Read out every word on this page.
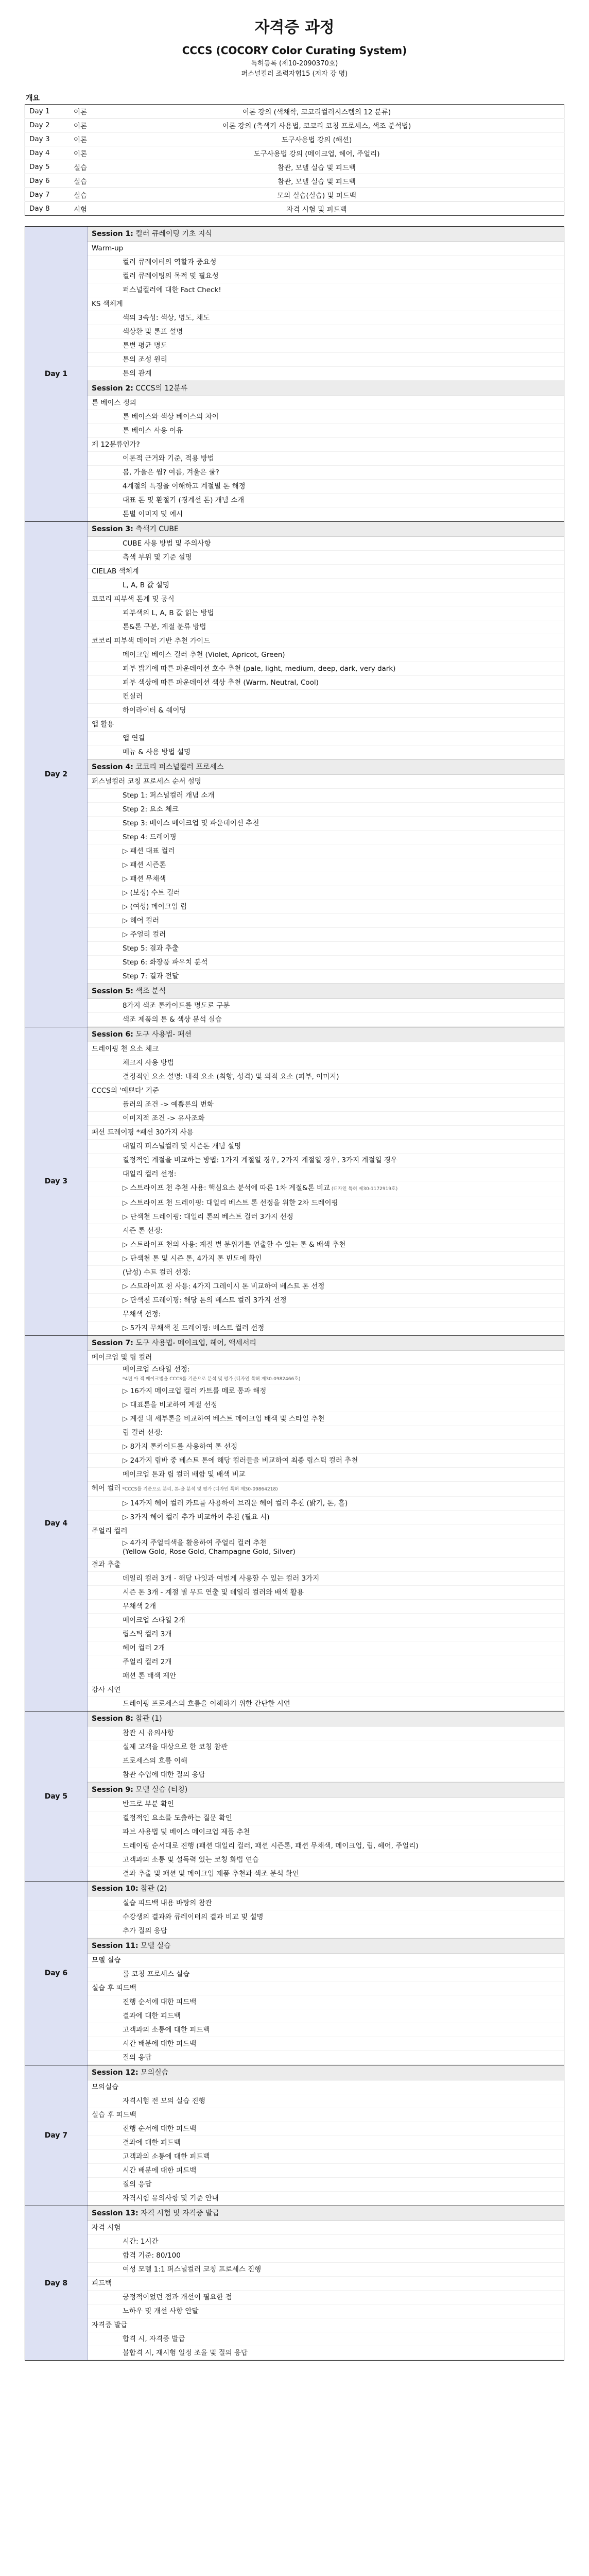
자격증 과정
CCCS (COCORY Color Curating System)
특허등록 (제10-2090370호)
퍼스널컬러 조력자협15 (저자 강 명)
개요
Day 1	이론	이론 강의 (색채학, 코코리컬러시스템의 12 분류)	
Day 2	이론	이론 강의 (측색기 사용법, 코코리 코칭 프로세스, 색조 분석법)	
Day 3	이론	도구사용법 강의 (해션)	
Day 4	이론	도구사용법 강의 (메이크업, 헤어, 주얼리)	
Day 5	실습	참관, 모델 실습 및 피드백	
Day 6	실습	참관, 모델 실습 및 피드백	
Day 7	실습	모의 실습(실습) 및 피드백	
Day 8	시험	자격 시험 및 피드백	
Day 1
Session 1: 컬러 큐레이팅 기초 지식
Warm-up
컬러 큐레이터의 역할과 중요성
컬러 큐레이팅의 목적 및 필요성
퍼스널컬러에 대한 Fact Check!
KS 색체계
색의 3속성: 색상, 명도, 채도
색상환 및 톤표 설명
톤별 평균 명도
톤의 조성 원리
톤의 관계
Session 2: CCCS의 12분류
톤 베이스 정의
톤 베이스와 색상 베이스의 차이
톤 베이스 사용 이유
제 12분류인가?
이론적 근거와 기준, 적용 방법
봄, 가을은 웜? 여름, 겨울은 쿨?
4계절의 특징을 이해하고 계절별 톤 해정
대표 톤 및 환절기 (경계선 톤) 개념 소개
톤별 이미지 및 예시
Day 2
Session 3: 측색기 CUBE
CUBE 사용 방법 및 주의사항
측색 부위 및 기준 설명
CIELAB 색체계
L, A, B 값 설명
코코리 피부색 톤계 및 공식
피부색의 L, A, B 값 읽는 방법
톤&톤 구분, 계절 분류 방법
코코리 피부색 데이터 기반 추천 가이드
메이크업 베이스 컬러 추천 (Violet, Apricot, Green)
피부 밝기에 따른 파운데이션 호수 추천 (pale, light, medium, deep, dark, very dark)
피부 색상에 따른 파운데이션 색상 추천 (Warm, Neutral, Cool)
컨실러
하이라이터 & 쉐이딩
앱 활용
앱 연결
메뉴 & 사용 방법 설명
Session 4: 코코리 퍼스널컬러 프로세스
퍼스널컬러 코칭 프로세스 순서 설명
Step 1: 퍼스널컬러 개념 소개
Step 2: 요소 체크
Step 3: 베이스 메이크업 및 파운데이션 추천
Step 4: 드레이핑
▷ 패션 대표 컬러
▷ 패션 시즌톤
▷ 패션 무채색
▷ (보정) 수트 컬러
▷ (여성) 메이크업 립
▷ 헤어 컬러
▷ 주얼리 컬러
Step 5: 결과 추출
Step 6: 화장품 파우치 분석
Step 7: 결과 전달
Session 5: 색조 분석
8가지 색조 톤카이드를 명도로 구분
색조 제품의 톤 & 색상 분석 실습
Day 3
Session 6: 도구 사용법- 패션
드레이핑 천 요소 체크
체크지 사용 방법
결정적인 요소 설명: 내적 요소 (최향, 성격) 및 외적 요소 (피부, 이미지)
CCCS의 '예쁘다' 기준
플러의 조건 -> 예쁨론의 변화
이미지적 조건 -> 유사조화
패션 드레이핑 *패션 30가지 사용
대일리 퍼스널컬러 및 시즌톤 개념 설명
결정적인 계절을 비교하는 방법: 1가지 계절일 경우, 2가지 계절일 경우, 3가지 계절일 경우
대일리 컬러 선정:
▷ 스트라이프 천 추천 사용: 핵심요소 분석에 따른 1차 계절&톤 비교 (디자인 특허 제30-1172919호)
▷ 스트라이프 천 드레이핑: 대일리 베스트 톤 선정을 위한 2차 드레이핑
▷ 단색천 드레이핑: 대일리 톤의 베스트 컬러 3가지 선정
시즌 톤 선정:
▷ 스트라이프 천의 사용: 계절 별 분위기를 연출할 수 있는 톤 & 배색 추천
▷ 단색천 톤 및 시즌 톤, 4가지 톤 빈도에 확인
(남성) 수트 컬러 선정:
▷ 스트라이프 천 사용: 4가지 그레이시 톤 비교하여 베스트 톤 선정
▷ 단색천 드레이핑: 해당 톤의 베스트 컬러 3가지 선정
무채색 선정:
▷ 5가지 무채색 천 드레이핑: 베스트 컬러 선정
Day 4
Session 7: 도구 사용법- 메이크업, 헤어, 액세서리
메이크업 및 립 컬러
메이크업 스타일 선정:
*4편 아 젝 메이크법을 CCCS를 기준으로 분석 및 평가 (디자인 특허 제30-0982466호)
▷ 16가지 메이크업 컬러 카트를 메로 통과 해정
▷ 대표톤을 비교하여 계절 선정
▷ 계절 내 세부톤을 비교하여 베스트 메이크업 배색 및 스타일 추천
립 컬러 선정:
▷ 8가지 톤카이드를 사용하여 톤 선정
▷ 24가지 립바 중 베스트 톤에 해당 컬러들을 비교하여 최종 립스틱 컬러 추천
메이크업 톤과 립 컬러 배합 및 배색 비교
헤어 컬러 *CCCS를 기준으로 분리, 톤-을 분석 및 평가 (디자인 특허 제30-09864218)
▷ 14가지 헤어 컬러 카트를 사용하여 브리운 헤어 컬러 추천 (밝기, 톤, 흘)
▷ 3가지 헤어 컬러 추가 비교하여 추천 (필요 시)
주얼리 컬러
▷ 4가지 주얼리색을 활용하여 주얼리 컬러 추천
(Yellow Gold, Rose Gold, Champagne Gold, Silver)
결과 추출
데일리 컬러 3개 - 해당 나잇과 여벌게 사용할 수 있는 컬러 3가지
시즌 톤 3개 - 계절 별 무드 연출 및 데일리 컬러와 배색 활용
무채색 2개
메이크업 스타일 2개
립스틱 컬러 3개
헤어 컬러 2개
주얼리 컬러 2개
패션 톤 배색 제안
강사 시연
드레이핑 프로세스의 흐름을 이해하기 위한 간단한 시연
Day 5
Session 8: 참관 (1)
참관 시 유의사항
실제 고객을 대상으로 한 코칭 참관
프로세스의 흐름 이해
참관 수업에 대한 질의 응답
Session 9: 모델 실습 (티칭)
반드로 부분 확인
결정적인 요소를 도출하는 질문 확인
파브 사용법 및 베이스 메이크업 제품 추천
드레이핑 순서대로 진행 (패션 대일리 컬러, 패션 시즌톤, 패션 무채색, 메이크업, 립, 헤어, 주얼리)
고객과의 소통 및 설득력 있는 코칭 화법 연습
결과 추출 및 패션 및 메이크업 제품 추천과 색조 분석 확인
Day 6
Session 10: 참관 (2)
실습 피드백 내용 바탕의 참관
수강생의 결과와 큐레이터의 결과 비교 및 설명
추가 질의 응답
Session 11: 모델 실습
모델 실습
롤 코칭 프로세스 실습
실습 후 피드백
진행 순서에 대한 피드백
결과에 대한 피드백
고객과의 소통에 대한 피드백
시간 배분에 대한 피드백
질의 응답
Day 7
Session 12: 모의실습
모의실습
자격시험 전 모의 실습 진행
실습 후 피드백
진행 순서에 대한 피드백
결과에 대한 피드백
고객과의 소통에 대한 피드백
시간 배분에 대한 피드백
질의 응답
자격시험 유의사항 및 기준 안내
Day 8
Session 13: 자격 시험 및 자격증 발급
자격 시험
시간: 1시간
합격 기준: 80/100
여성 모델 1:1 퍼스널컬러 코칭 프로세스 진행
피드백
긍정적이었던 점과 개선이 필요한 점
노하우 및 개선 사항 안달
자격증 발급
합격 시, 자격증 발급
불합격 시, 재시험 일정 조율 및 질의 응답
